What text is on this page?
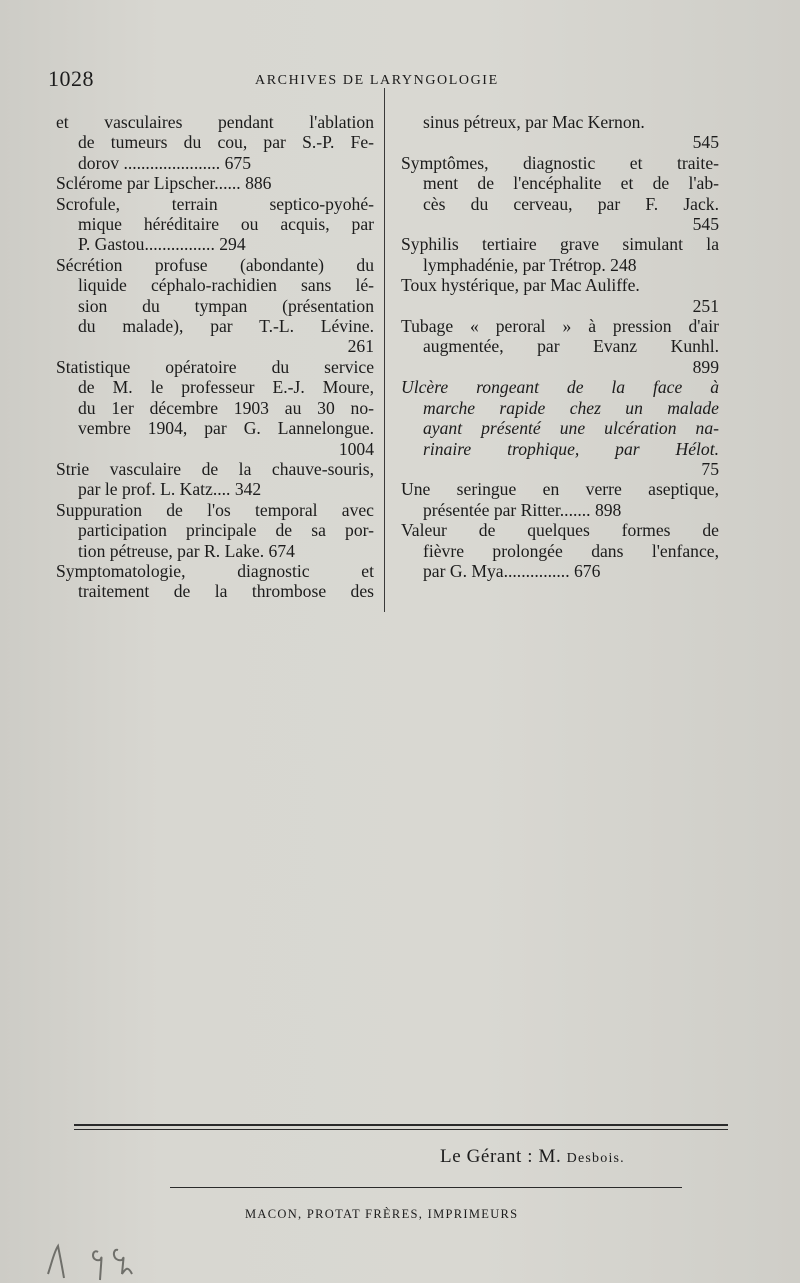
1028	ARCHIVES DE LARYNGOLOGIE
et vasculaires pendant l'ablation
de tumeurs du cou, par S.-P. Fe-
dorov ...................... 675
Sclérome par Lipscher...... 886
Scrofule, terrain septico-pyohé-
mique héréditaire ou acquis, par
P. Gastou................ 294
Sécrétion profuse (abondante) du
liquide céphalo-rachidien sans lé-
sion du tympan (présentation
du malade), par T.-L. Lévine.
261
Statistique opératoire du service
de M. le professeur E.-J. Moure,
du 1er décembre 1903 au 30 no-
vembre 1904, par G. Lannelongue.
1004
Strie vasculaire de la chauve-souris,
par le prof. L. Katz.... 342
Suppuration de l'os temporal avec
participation principale de sa por-
tion pétreuse, par R. Lake. 674
Symptomatologie, diagnostic et
traitement de la thrombose des
sinus pétreux, par Mac Kernon.
545
Symptômes, diagnostic et traite-
ment de l'encéphalite et de l'ab-
cès du cerveau, par F. Jack.
545
Syphilis tertiaire grave simulant la
lymphadénie, par Trétrop. 248
Toux hystérique, par Mac Auliffe.
251
Tubage « peroral » à pression d'air
augmentée, par Evanz Kunhl.
899
Ulcère rongeant de la face à
marche rapide chez un malade
ayant présenté une ulcération na-
rinaire trophique, par Hélot.
75
Une seringue en verre aseptique,
présentée par Ritter....... 898
Valeur de quelques formes de
fièvre prolongée dans l'enfance,
par G. Mya............... 676
Le Gérant : M. Desbois.
MACON, PROTAT FRÈRES, IMPRIMEURS
